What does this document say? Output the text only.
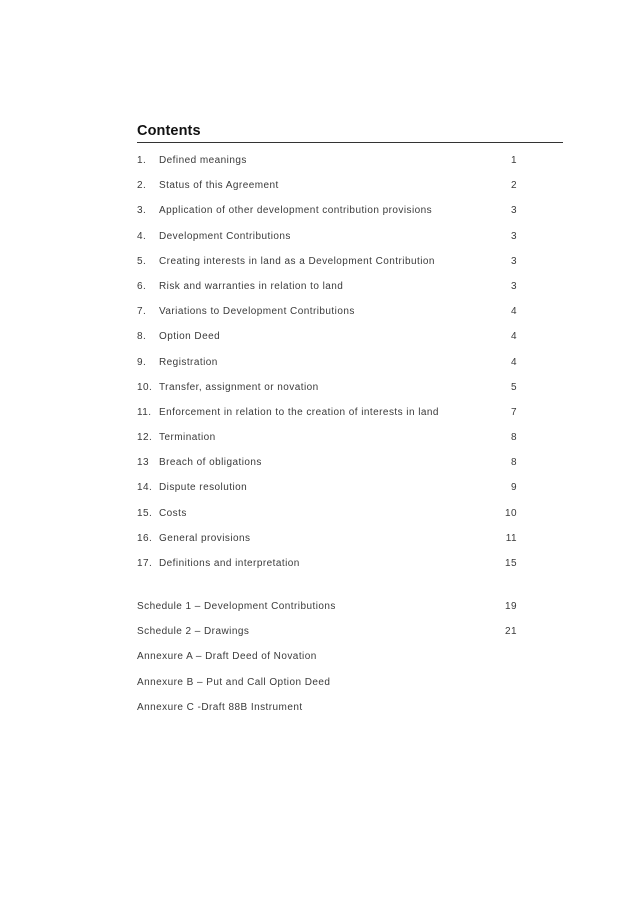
Contents
1.	Defined meanings	1
2.	Status of this Agreement	2
3.	Application of other development contribution provisions	3
4.	Development Contributions	3
5.	Creating interests in land as a Development Contribution	3
6.	Risk and warranties in relation to land	3
7.	Variations to Development Contributions	4
8.	Option Deed	4
9.	Registration	4
10. Transfer, assignment or novation	5
11. Enforcement in relation to the creation of interests in land	7
12. Termination	8
13 Breach of obligations	8
14. Dispute resolution	9
15. Costs	10
16. General provisions	11
17. Definitions and interpretation	15
Schedule 1 – Development Contributions	19
Schedule 2 – Drawings	21
Annexure A – Draft Deed of Novation
Annexure B – Put and Call Option Deed
Annexure C -Draft 88B Instrument
